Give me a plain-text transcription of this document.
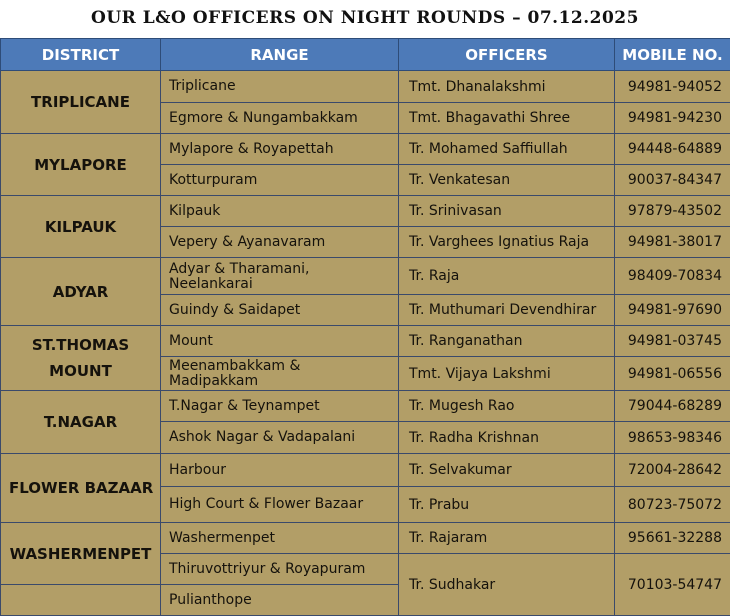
OUR L&O OFFICERS ON NIGHT ROUNDS – 07.12.2025
DISTRICT	RANGE	OFFICERS	MOBILE NO.
TRIPLICANE	Triplicane	Tmt. Dhanalakshmi	94981-94052
	Egmore & Nungambakkam	Tmt. Bhagavathi Shree	94981-94230
MYLAPORE	Mylapore & Royapettah	Tr. Mohamed Saffiullah	94448-64889
	Kotturpuram	Tr. Venkatesan	90037-84347
KILPAUK	Kilpauk	Tr. Srinivasan	97879-43502
	Vepery & Ayanavaram	Tr. Varghees Ignatius Raja	94981-38017
ADYAR	Adyar & Tharamani, Neelankarai	Tr. Raja	98409-70834
	Guindy & Saidapet	Tr. Muthumari Devendhirar	94981-97690
ST.THOMAS MOUNT	Mount	Tr. Ranganathan	94981-03745
	Meenambakkam & Madipakkam	Tmt. Vijaya Lakshmi	94981-06556
T.NAGAR	T.Nagar & Teynampet	Tr. Mugesh Rao	79044-68289
	Ashok Nagar & Vadapalani	Tr. Radha Krishnan	98653-98346
FLOWER BAZAAR	Harbour	Tr. Selvakumar	72004-28642
	High Court & Flower Bazaar	Tr. Prabu	80723-75072
WASHERMENPET	Washermenpet	Tr. Rajaram	95661-32288
	Thiruvottriyur & Royapuram	Tr. Sudhakar	70103-54747
	Pulianthope		
